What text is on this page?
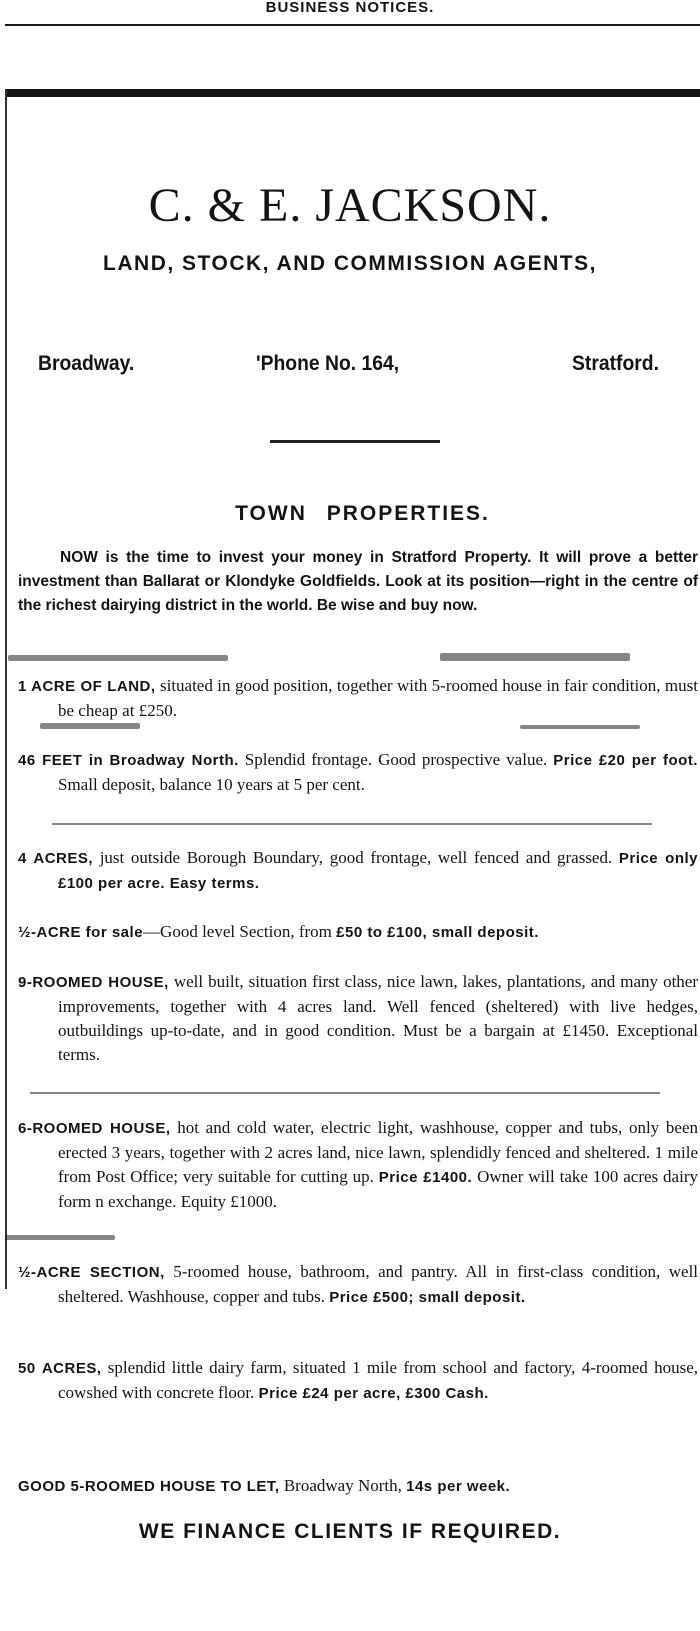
BUSINESS NOTICES.
C. & E. JACKSON.
LAND, STOCK, AND COMMISSION AGENTS,
Broadway.	'Phone No. 164,	Stratford.
TOWN PROPERTIES.

NOW is the time to invest your money in Stratford Property. It will prove a better investment than Ballarat or Klondyke Goldfields. Look at its position—right in the centre of the richest dairying district in the world. Be wise and buy now.

1 ACRE OF LAND, situated in good position, together with 5-roomed house in fair condition, must be cheap at £250.
46 FEET in Broadway North. Splendid frontage. Good prospective value. Price £20 per foot. Small deposit, balance 10 years at 5 per cent.
4 ACRES, just outside Borough Boundary, good frontage, well fenced and grassed. Price only £100 per acre. Easy terms.
½-ACRE for sale—Good level Section, from £50 to £100, small deposit.
9-ROOMED HOUSE, well built, situation first class, nice lawn, lakes, plantations, and many other improvements, together with 4 acres land. Well fenced (sheltered) with live hedges, outbuildings up-to-date, and in good condition. Must be a bargain at £1450. Exceptional terms.
6-ROOMED HOUSE, hot and cold water, electric light, washhouse, copper and tubs, only been erected 3 years, together with 2 acres land, nice lawn, splendidly fenced and sheltered. 1 mile from Post Office; very suitable for cutting up. Price £1400. Owner will take 100 acres dairy form n exchange. Equity £1000.
½-ACRE SECTION, 5-roomed house, bathroom, and pantry. All in first-class condition, well sheltered. Washhouse, copper and tubs. Price £500; small deposit.
50 ACRES, splendid little dairy farm, situated 1 mile from school and factory, 4-roomed house, cowshed with concrete floor. Price £24 per acre, £300 Cash.
GOOD 5-ROOMED HOUSE TO LET, Broadway North, 14s per week.
WE FINANCE CLIENTS IF REQUIRED.
